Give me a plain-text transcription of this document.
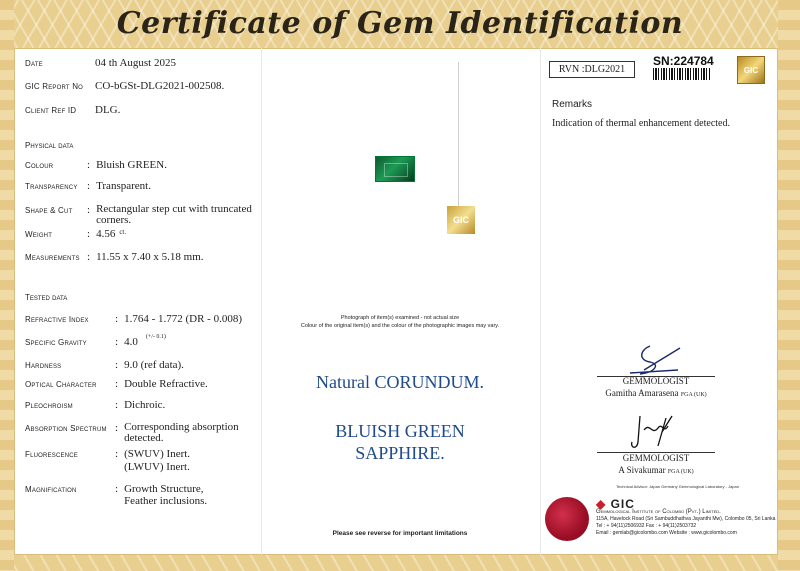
Certificate of Gem Identification
Date	04 th August 2025
GIC Report No	CO-bGSt-DLG2021-002508.
Client Ref ID	DLG.
Physical data
Colour	: Bluish GREEN.
Transparency : Transparent.
Shape & Cut	: Rectangular step cut with truncated corners.
Weight	: 4.56 ct.
Measurements : 11.55 x 7.40 x 5.18 mm.
Tested data
Refractive Index	: 1.764 - 1.772 (DR - 0.008)
Specific Gravity	: 4.0 (+/- 0.1)
Hardness	: 9.0 (ref data).
Optical Character	: Double Refractive.
Pleochroism	: Dichroic.
Absorption Spectrum : Corresponding absorption detected.
Fluorescence	: (SWUV) Inert.
(LWUV) Inert.
Magnification	: Growth Structure,
Feather inclusions.
GIC
Photograph of item(s) examined - not actual size
Colour of the original item(s) and the colour of the photographic images may vary.
Natural CORUNDUM.
BLUISH GREEN
SAPPHIRE.
Please see reverse for important limitations
RVN :DLG2021
SN:224784
GIC
Remarks
Indication of thermal enhancement detected.
GEMMOLOGIST
Gamitha Amarasena FGA (UK)
GEMMOLOGIST
A Sivakumar FGA (UK)
Technical Advisor: Japan Germany Gemmological Laboratory - Japan
◆ GIC
Gemmological Institute of Colombo (Pvt.) Limited.
115A, Havelock Road (Sri Sambuddhathva Jayanthi Mw), Colombo 05, Sri Lanka
Tel : + 94(11)2506932 Fax : + 94(11)2503732
Email : gemlab@gicolombo.com Website : www.gicolombo.com
